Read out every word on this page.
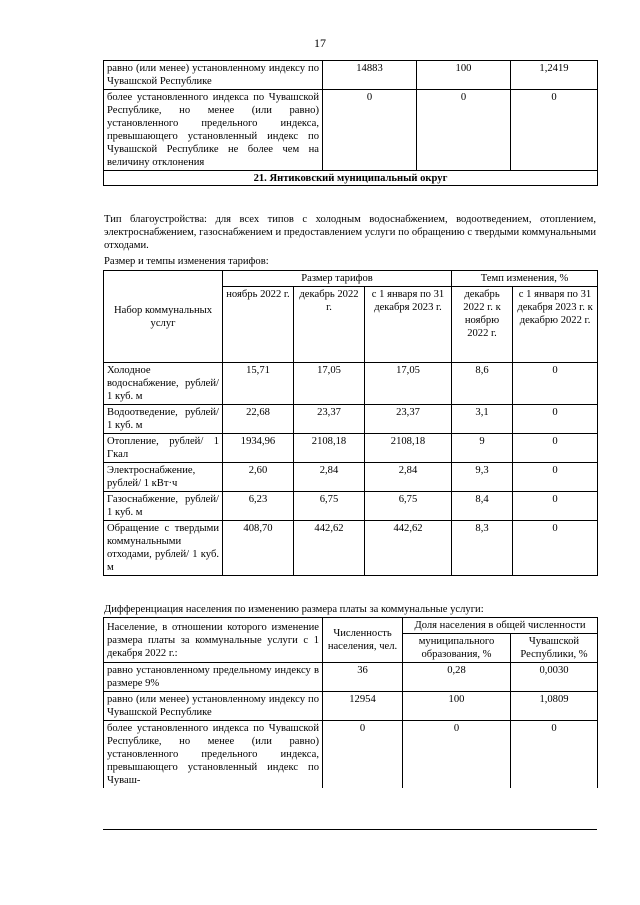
17
равно (или менее) установленному индексу по Чувашской Республике	14883	100	1,2419
более установленного индекса по Чувашской Республике, но менее (или равно) установленного предельного индекса, превышающего установленный индекс по Чувашской Республике не более чем на величину отклонения	0	0	0
21. Янтиковский муниципальный округ			
Тип благоустройства: для всех типов с холодным водоснабжением, водоотведением, отоплением, электроснабжением, газоснабжением и предоставлением услуги по обращению с твердыми коммунальными отходами.
Размер и темпы изменения тарифов:
Набор коммунальных услуг	Размер тарифов			Темп изменения, %	
	ноябрь 2022 г.	декабрь 2022 г.	с 1 января по 31 декабря 2023 г.	декабрь 2022 г. к ноябрю 2022 г.	с 1 января по 31 декабря 2023 г. к декабрю 2022 г.
Холодное водоснабжение, рублей/ 1 куб. м	15,71	17,05	17,05	8,6	0
Водоотведение, рублей/ 1 куб. м	22,68	23,37	23,37	3,1	0
Отопление, рублей/ 1 Гкал	1934,96	2108,18	2108,18	9	0
Электроснабжение, рублей/ 1 кВт·ч	2,60	2,84	2,84	9,3	0
Газоснабжение, рублей/ 1 куб. м	6,23	6,75	6,75	8,4	0
Обращение с твердыми коммунальными отходами, рублей/ 1 куб. м	408,70	442,62	442,62	8,3	0
Дифференциация населения по изменению размера платы за коммунальные услуги:
Население, в отношении которого изменение размера платы за коммунальные услуги с 1 декабря 2022 г.:	Численность населения, чел.	Доля населения в общей численности	
		муниципального образования, %	Чувашской Республики, %
равно установленному предельному индексу в размере 9%	36	0,28	0,0030
равно (или менее) установленному индексу по Чувашской Республике	12954	100	1,0809
более установленного индекса по Чувашской Республике, но менее (или равно) установленного предельного индекса, превышающего установленный индекс по Чуваш-	0	0	0
